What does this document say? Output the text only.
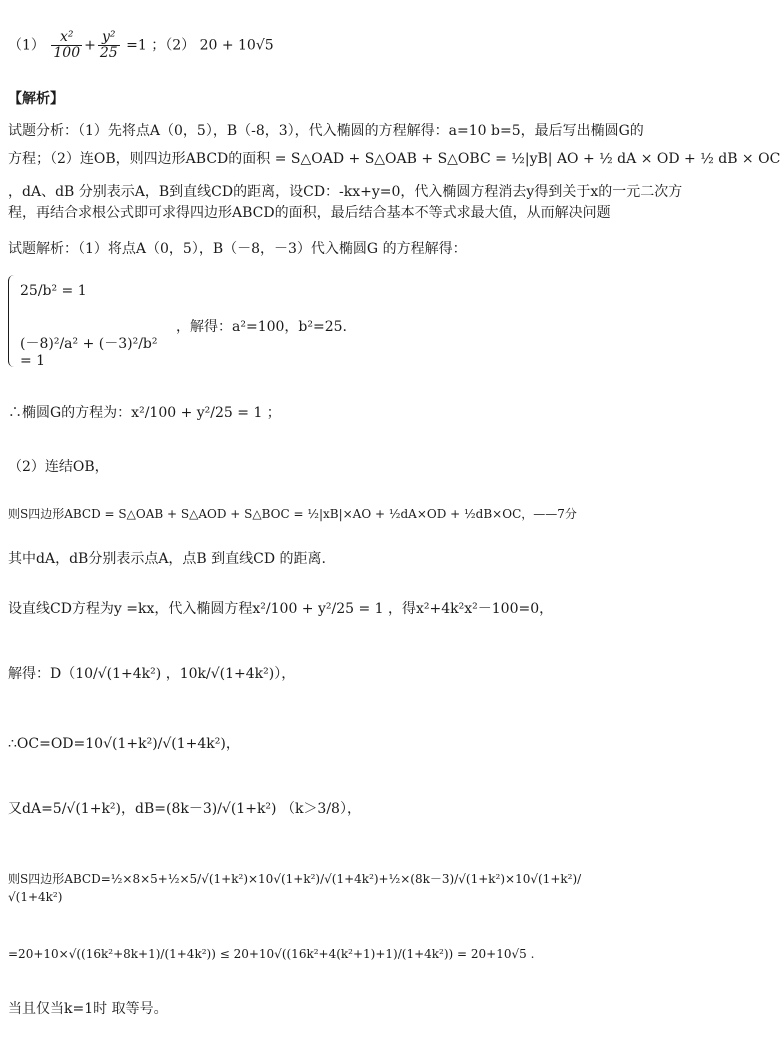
$(1) \frac{\text{x²}}{100} + \frac{\text{y²}}{25} =1$ ；（2） 20 + 10√5
【解析】
试题分析：（1）先将点A（0，5），B（-8，3），代入椭圆的方程解得：a=10 b=5，最后写出椭圆G的
方程；（2）连OB，则四边形ABCD的面积 = S△OAD + S△OAB + S△OBC = ½|yB| AO + ½ dA × OD + ½ dB × OC
，dA、dB 分别表示A，B到直线CD的距离，设CD：-kx+y=0，代入椭圆方程消去y得到关于x的一元二次方
程，再结合求根公式即可求得四边形ABCD的面积，最后结合基本不等式求最大值，从而解决问题
试题解析：（1）将点A（0，5），B（－8，－3）代入椭圆G 的方程解得：
25/b² = 1
(－8)²/a² + (－3)²/b² = 1
，解得：a²=100，b²=25.
∴椭圆G的方程为：x²/100 + y²/25 = 1 ；
（2）连结OB，
则S四边形ABCD = S△OAB + S△AOD + S△BOC = ½|xB|×AO + ½dA×OD + ½dB×OC，——7分
其中dA，dB分别表示点A，点B 到直线CD 的距离.
设直线CD方程为y =kx，代入椭圆方程x²/100 + y²/25 = 1 ，得x²+4k²x²－100=0，
解得：D（10/√(1+4k²) ，10k/√(1+4k²)），
∴OC=OD=10√(1+k²)/√(1+4k²)，
又dA=5/√(1+k²)，dB=(8k－3)/√(1+k²) （k＞3/8），
则S四边形ABCD=½×8×5+½×5/√(1+k²)×10√(1+k²)/√(1+4k²)+½×(8k－3)/√(1+k²)×10√(1+k²)/√(1+4k²)
=20+10×√((16k²+8k+1)/(1+4k²)) ≤ 20+10√((16k²+4(k²+1)+1)/(1+4k²)) = 20+10√5 .
当且仅当k=1时 取等号。
